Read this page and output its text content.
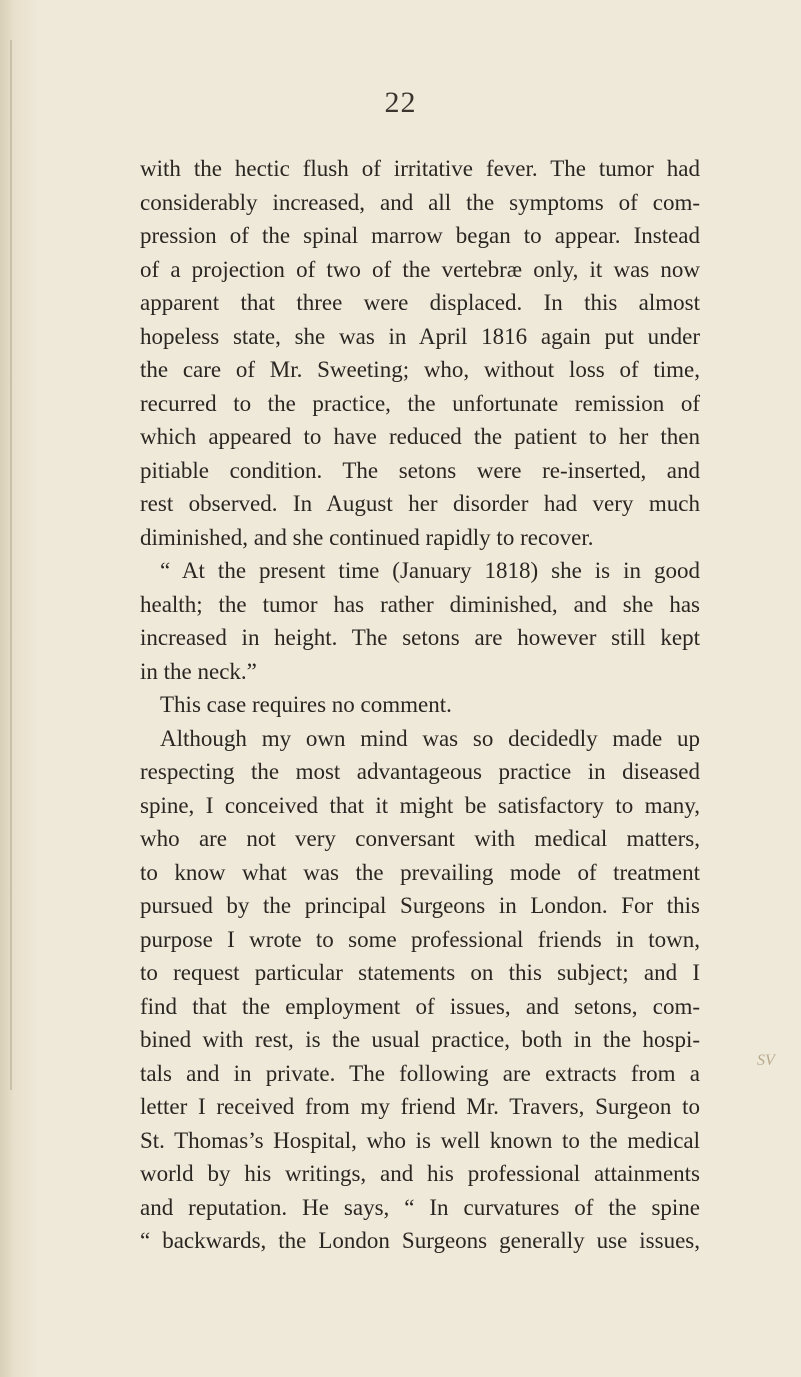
22
with the hectic flush of irritative fever. The tumor had
considerably increased, and all the symptoms of com-
pression of the spinal marrow began to appear. Instead
of a projection of two of the vertebræ only, it was now
apparent that three were displaced. In this almost
hopeless state, she was in April 1816 again put under
the care of Mr. Sweeting; who, without loss of time,
recurred to the practice, the unfortunate remission of
which appeared to have reduced the patient to her then
pitiable condition. The setons were re-inserted, and
rest observed. In August her disorder had very much
diminished, and she continued rapidly to recover.
“ At the present time (January 1818) she is in good
health; the tumor has rather diminished, and she has
increased in height. The setons are however still kept
in the neck.”
This case requires no comment.
Although my own mind was so decidedly made up
respecting the most advantageous practice in diseased
spine, I conceived that it might be satisfactory to many,
who are not very conversant with medical matters,
to know what was the prevailing mode of treatment
pursued by the principal Surgeons in London. For this
purpose I wrote to some professional friends in town,
to request particular statements on this subject; and I
find that the employment of issues, and setons, com-
bined with rest, is the usual practice, both in the hospi-
tals and in private. The following are extracts from a
letter I received from my friend Mr. Travers, Surgeon to
St. Thomas’s Hospital, who is well known to the medical
world by his writings, and his professional attainments
and reputation. He says, “ In curvatures of the spine
“ backwards, the London Surgeons generally use issues,
SV
